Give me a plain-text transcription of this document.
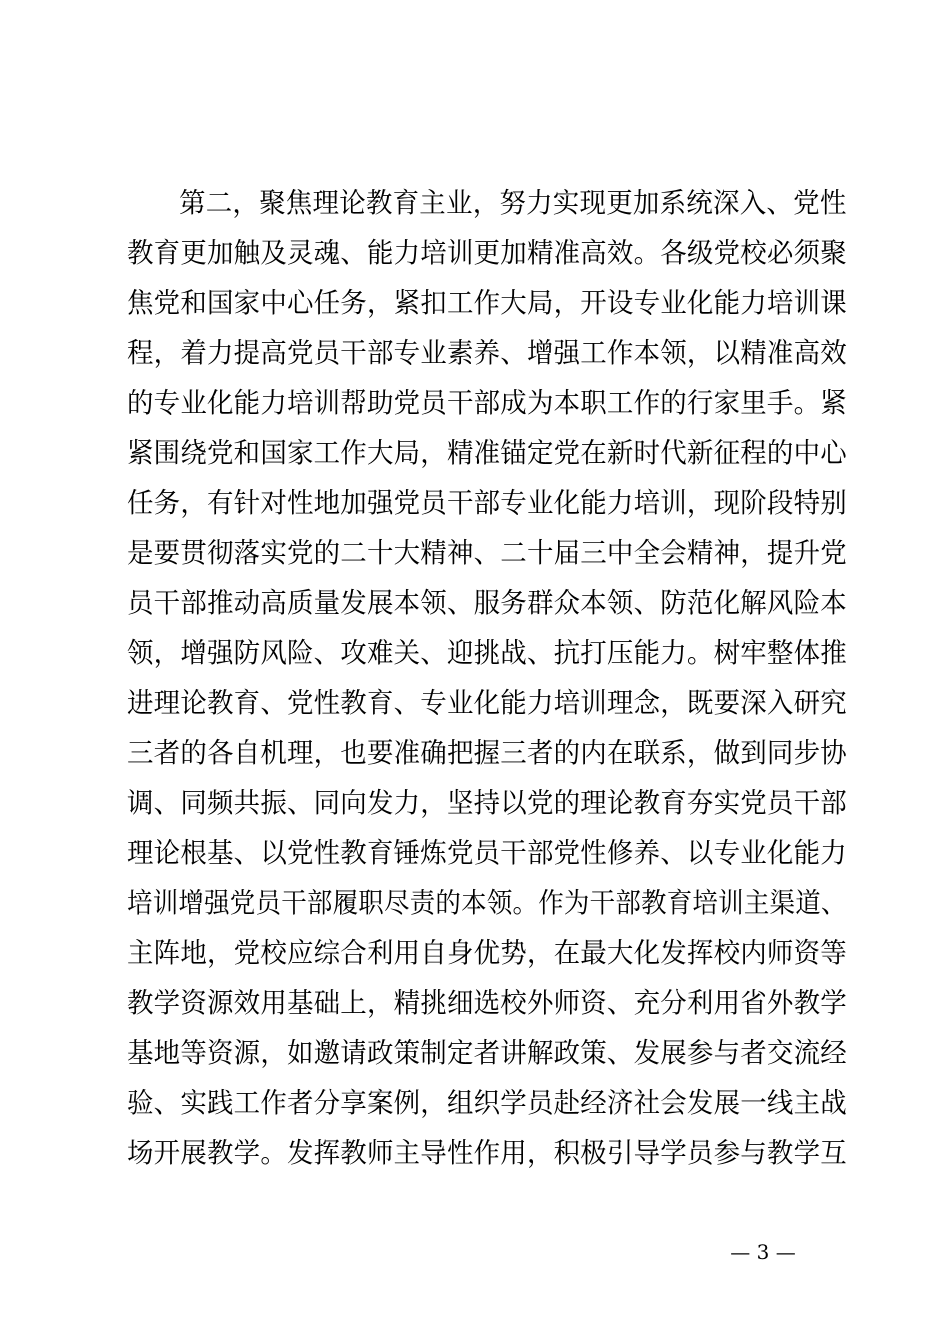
第二，聚焦理论教育主业，努力实现更加系统深入、党性
教育更加触及灵魂、能力培训更加精准高效。各级党校必须聚
焦党和国家中心任务，紧扣工作大局，开设专业化能力培训课
程，着力提高党员干部专业素养、增强工作本领，以精准高效
的专业化能力培训帮助党员干部成为本职工作的行家里手。紧
紧围绕党和国家工作大局，精准锚定党在新时代新征程的中心
任务，有针对性地加强党员干部专业化能力培训，现阶段特别
是要贯彻落实党的二十大精神、二十届三中全会精神，提升党
员干部推动高质量发展本领、服务群众本领、防范化解风险本
领，增强防风险、攻难关、迎挑战、抗打压能力。树牢整体推
进理论教育、党性教育、专业化能力培训理念，既要深入研究
三者的各自机理，也要准确把握三者的内在联系，做到同步协
调、同频共振、同向发力，坚持以党的理论教育夯实党员干部
理论根基、以党性教育锤炼党员干部党性修养、以专业化能力
培训增强党员干部履职尽责的本领。作为干部教育培训主渠道、
主阵地，党校应综合利用自身优势，在最大化发挥校内师资等
教学资源效用基础上，精挑细选校外师资、充分利用省外教学
基地等资源，如邀请政策制定者讲解政策、发展参与者交流经
验、实践工作者分享案例，组织学员赴经济社会发展一线主战
场开展教学。发挥教师主导性作用，积极引导学员参与教学互
— 3 —
